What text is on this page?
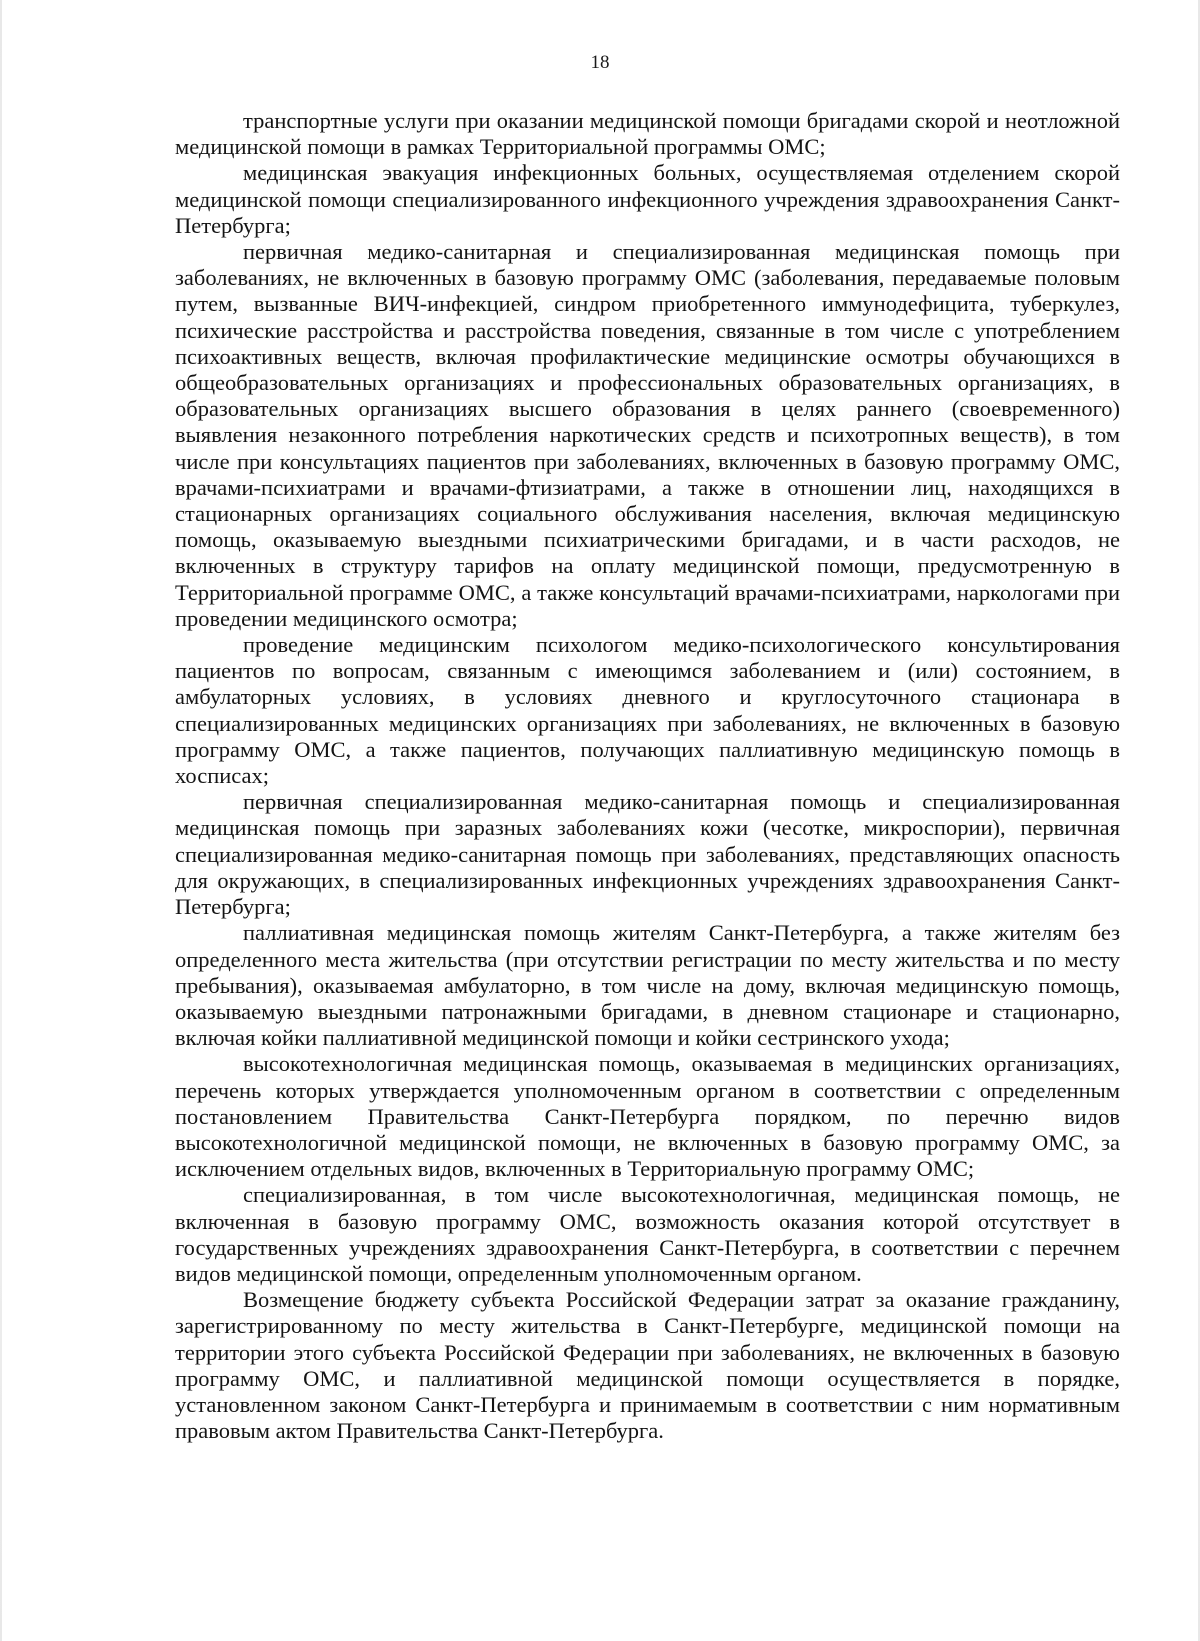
18

транспортные услуги при оказании медицинской помощи бригадами скорой и неотложной медицинской помощи в рамках Территориальной программы ОМС;

медицинская эвакуация инфекционных больных, осуществляемая отделением скорой медицинской помощи специализированного инфекционного учреждения здравоохранения Санкт-Петербурга;

первичная медико-санитарная и специализированная медицинская помощь при заболеваниях, не включенных в базовую программу ОМС (заболевания, передаваемые половым путем, вызванные ВИЧ-инфекцией, синдром приобретенного иммунодефицита, туберкулез, психические расстройства и расстройства поведения, связанные в том числе с употреблением психоактивных веществ, включая профилактические медицинские осмотры обучающихся в общеобразовательных организациях и профессиональных образовательных организациях, в образовательных организациях высшего образования в целях раннего (своевременного) выявления незаконного потребления наркотических средств и психотропных веществ), в том числе при консультациях пациентов при заболеваниях, включенных в базовую программу ОМС, врачами-психиатрами и врачами-фтизиатрами, а также в отношении лиц, находящихся в стационарных организациях социального обслуживания населения, включая медицинскую помощь, оказываемую выездными психиатрическими бригадами, и в части расходов, не включенных в структуру тарифов на оплату медицинской помощи, предусмотренную в Территориальной программе ОМС, а также консультаций врачами-психиатрами, наркологами при проведении медицинского осмотра;

проведение медицинским психологом медико-психологического консультирования пациентов по вопросам, связанным с имеющимся заболеванием и (или) состоянием, в амбулаторных условиях, в условиях дневного и круглосуточного стационара в специализированных медицинских организациях при заболеваниях, не включенных в базовую программу ОМС, а также пациентов, получающих паллиативную медицинскую помощь в хосписах;

первичная специализированная медико-санитарная помощь и специализированная медицинская помощь при заразных заболеваниях кожи (чесотке, микроспории), первичная специализированная медико-санитарная помощь при заболеваниях, представляющих опасность для окружающих, в специализированных инфекционных учреждениях здравоохранения Санкт-Петербурга;

паллиативная медицинская помощь жителям Санкт-Петербурга, а также жителям без определенного места жительства (при отсутствии регистрации по месту жительства и по месту пребывания), оказываемая амбулаторно, в том числе на дому, включая медицинскую помощь, оказываемую выездными патронажными бригадами, в дневном стационаре и стационарно, включая койки паллиативной медицинской помощи и койки сестринского ухода;

высокотехнологичная медицинская помощь, оказываемая в медицинских организациях, перечень которых утверждается уполномоченным органом в соответствии с определенным постановлением Правительства Санкт-Петербурга порядком, по перечню видов высокотехнологичной медицинской помощи, не включенных в базовую программу ОМС, за исключением отдельных видов, включенных в Территориальную программу ОМС;

специализированная, в том числе высокотехнологичная, медицинская помощь, не включенная в базовую программу ОМС, возможность оказания которой отсутствует в государственных учреждениях здравоохранения Санкт-Петербурга, в соответствии с перечнем видов медицинской помощи, определенным уполномоченным органом.

Возмещение бюджету субъекта Российской Федерации затрат за оказание гражданину, зарегистрированному по месту жительства в Санкт-Петербурге, медицинской помощи на территории этого субъекта Российской Федерации при заболеваниях, не включенных в базовую программу ОМС, и паллиативной медицинской помощи осуществляется в порядке, установленном законом Санкт-Петербурга и принимаемым в соответствии с ним нормативным правовым актом Правительства Санкт-Петербурга.
